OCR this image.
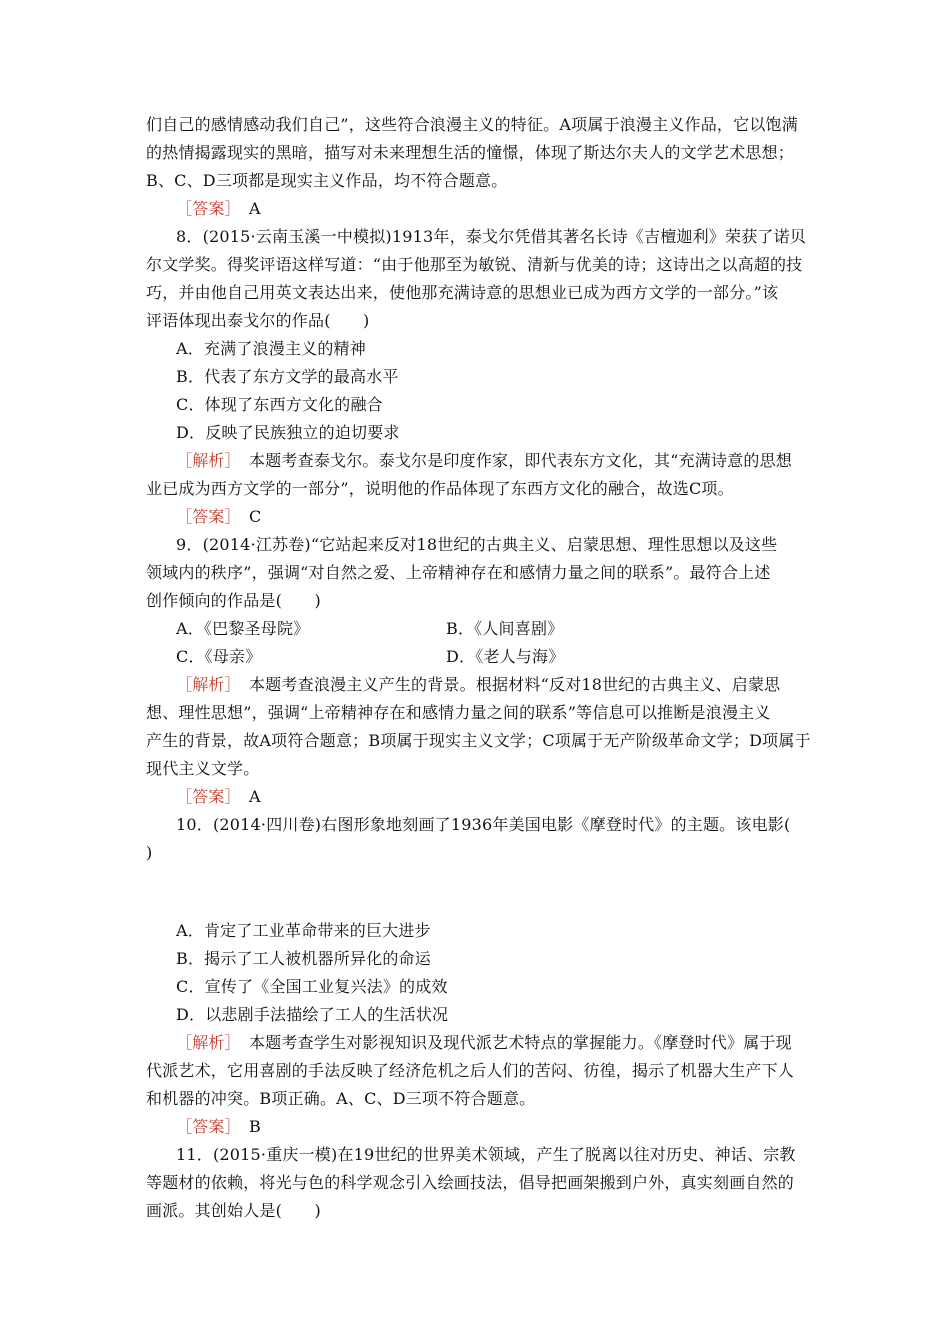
们自己的感情感动我们自己”，这些符合浪漫主义的特征。A项属于浪漫主义作品，它以饱满
的热情揭露现实的黑暗，描写对未来理想生活的憧憬，体现了斯达尔夫人的文学艺术思想；
B、C、D三项都是现实主义作品，均不符合题意。
［答案］　A
8．(2015·云南玉溪一中模拟)1913年，泰戈尔凭借其著名长诗《吉檀迦利》荣获了诺贝
尔文学奖。得奖评语这样写道：“由于他那至为敏锐、清新与优美的诗；这诗出之以高超的技
巧，并由他自己用英文表达出来，使他那充满诗意的思想业已成为西方文学的一部分。”该
评语体现出泰戈尔的作品(　　)
A．充满了浪漫主义的精神
B．代表了东方文学的最高水平
C．体现了东西方文化的融合
D．反映了民族独立的迫切要求
［解析］　本题考查泰戈尔。泰戈尔是印度作家，即代表东方文化，其“充满诗意的思想
业已成为西方文学的一部分”，说明他的作品体现了东西方文化的融合，故选C项。
［答案］　C
9．(2014·江苏卷)“它站起来反对18世纪的古典主义、启蒙思想、理性思想以及这些
领域内的秩序”，强调“对自然之爱、上帝精神存在和感情力量之间的联系”。最符合上述
创作倾向的作品是(　　)
A．《巴黎圣母院》	B．《人间喜剧》
C．《母亲》	D．《老人与海》
［解析］　本题考查浪漫主义产生的背景。根据材料“反对18世纪的古典主义、启蒙思
想、理性思想”，强调“上帝精神存在和感情力量之间的联系”等信息可以推断是浪漫主义
产生的背景，故A项符合题意；B项属于现实主义文学；C项属于无产阶级革命文学；D项属于
现代主义文学。
［答案］　A
10．(2014·四川卷)右图形象地刻画了1936年美国电影《摩登时代》的主题。该电影(
)
A．肯定了工业革命带来的巨大进步
B．揭示了工人被机器所异化的命运
C．宣传了《全国工业复兴法》的成效
D．以悲剧手法描绘了工人的生活状况
［解析］　本题考查学生对影视知识及现代派艺术特点的掌握能力。《摩登时代》属于现
代派艺术，它用喜剧的手法反映了经济危机之后人们的苦闷、彷徨，揭示了机器大生产下人
和机器的冲突。B项正确。A、C、D三项不符合题意。
［答案］　B
11．(2015·重庆一模)在19世纪的世界美术领域，产生了脱离以往对历史、神话、宗教
等题材的依赖，将光与色的科学观念引入绘画技法，倡导把画架搬到户外，真实刻画自然的
画派。其创始人是(　　)
